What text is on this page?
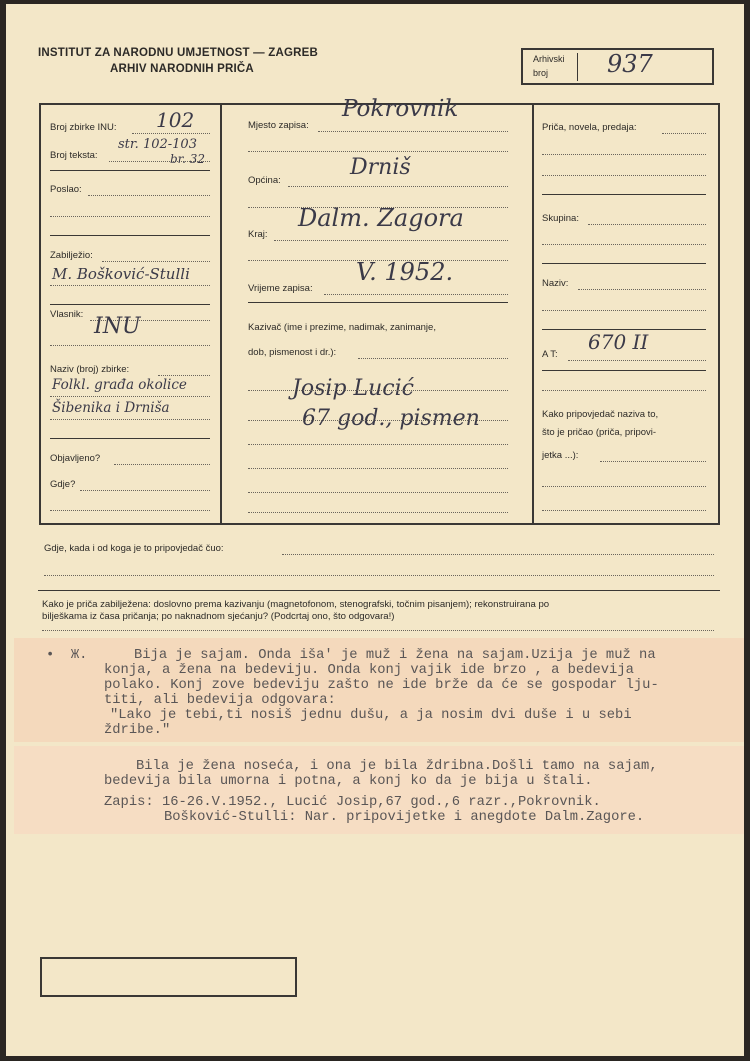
INSTITUT ZA NARODNU UMJETNOST — ZAGREB
ARHIV NARODNIH PRIČA
Arhivski
broj 937
Broj zbirke INU: 102
Broj teksta:
str. 102-103
br. 32
Poslao:
Zabilježio:
M. Bošković-Stulli
Vlasnik: INU
Naziv (broj) zbirke:
Folkl. građa okolice
Šibenika i Drniša
Objavljeno?
Gdje?
Mjesto zapisa:
Pokrovnik
Općina:
Drniš
Kraj:
Dalm. Zagora
Vrijeme zapisa:
V. 1952.
Kazivač (ime i prezime, nadimak, zanimanje,
dob, pismenost i dr.):
Josip Lucić
67 god., pismen
Priča, novela, predaja:
Skupina:
Naziv:
A T:
670 II
Kako pripovjedač naziva to,
što je pričao (priča, pripovi-
jetka ...):
Gdje, kada i od koga je to pripovjedač čuo:
Kako je priča zabilježena: doslovno prema kazivanju (magnetofonom, stenografski, točnim pisanjem); rekonstruirana po
bilješkama iz časa pričanja; po naknadnom sjećanju? (Podcrtaj ono, što odgovara!)
•  Ж.	Bija je sajam. Onda iša' je muž i žena na sajam.Uzija je muž na
konja, a žena na bedeviju. Onda konj vajik ide brzo , a bedevija
polako. Konj zove bedeviju zašto ne ide brže da će se gospodar lju-
titi, ali bedevija odgovara:
"Lako je tebi,ti nosiš jednu dušu, a ja nosim dvi duše i u sebi
ždribe."
Bila je žena noseća, i ona je bila ždribna.Došli tamo na sajam,
bedevija bila umorna i potna, a konj ko da je bija u štali.
Zapis: 16-26.V.1952., Lucić Josip,67 god.,6 razr.,Pokrovnik.
Bošković-Stulli: Nar. pripovijetke i anegdote Dalm.Zagore.
